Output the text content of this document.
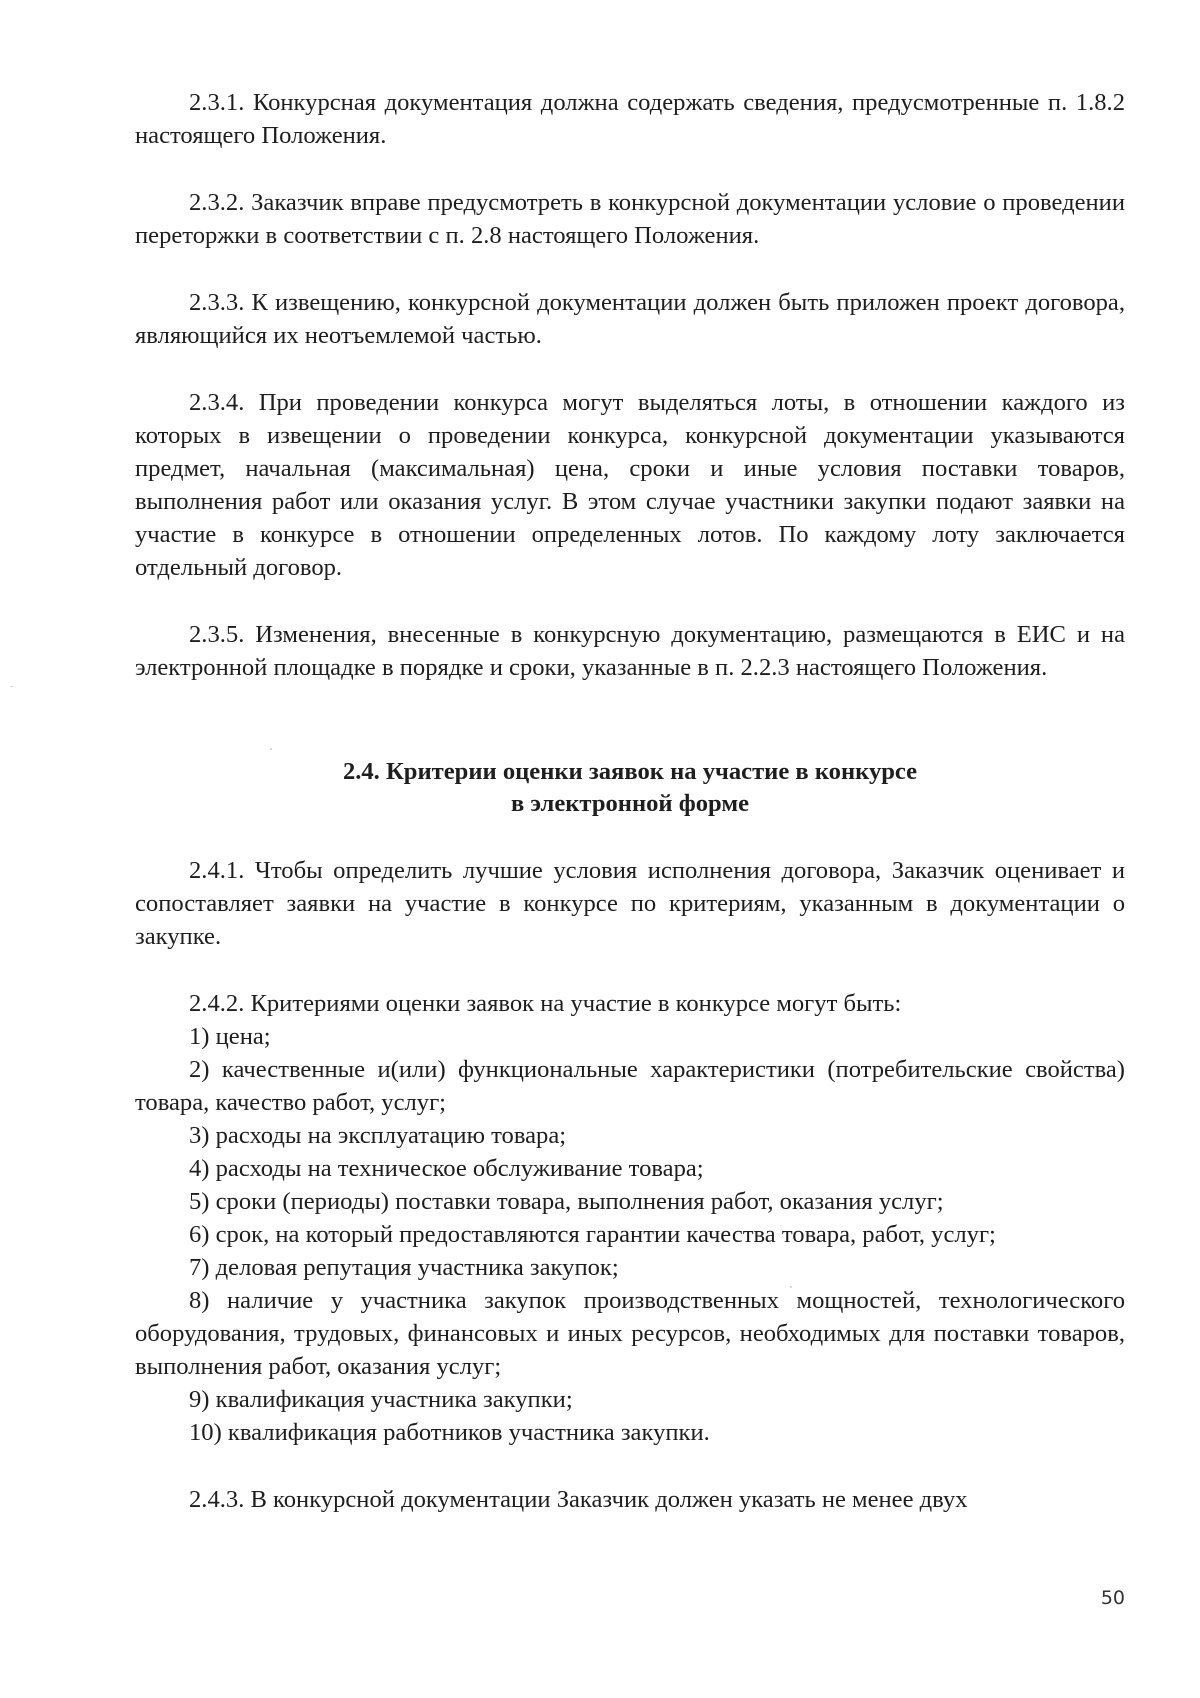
2.3.1. Конкурсная документация должна содержать сведения, предусмотренные п. 1.8.2 настоящего Положения.

2.3.2. Заказчик вправе предусмотреть в конкурсной документации условие о проведении переторжки в соответствии с п. 2.8 настоящего Положения.

2.3.3. К извещению, конкурсной документации должен быть приложен проект договора, являющийся их неотъемлемой частью.

2.3.4. При проведении конкурса могут выделяться лоты, в отношении каждого из которых в извещении о проведении конкурса, конкурсной документации указываются предмет, начальная (максимальная) цена, сроки и иные условия поставки товаров, выполнения работ или оказания услуг. В этом случае участники закупки подают заявки на участие в конкурсе в отношении определенных лотов. По каждому лоту заключается отдельный договор.

2.3.5. Изменения, внесенные в конкурсную документацию, размещаются в ЕИС и на электронной площадке в порядке и сроки, указанные в п. 2.2.3 настоящего Положения.

2.4. Критерии оценки заявок на участие в конкурсе
в электронной форме

2.4.1. Чтобы определить лучшие условия исполнения договора, Заказчик оценивает и сопоставляет заявки на участие в конкурсе по критериям, указанным в документации о закупке.

2.4.2. Критериями оценки заявок на участие в конкурсе могут быть:

1) цена;

2) качественные и(или) функциональные характеристики (потребительские свойства) товара, качество работ, услуг;

3) расходы на эксплуатацию товара;

4) расходы на техническое обслуживание товара;

5) сроки (периоды) поставки товара, выполнения работ, оказания услуг;

6) срок, на который предоставляются гарантии качества товара, работ, услуг;

7) деловая репутация участника закупок;

8) наличие у участника закупок производственных мощностей, технологического оборудования, трудовых, финансовых и иных ресурсов, необходимых для поставки товаров, выполнения работ, оказания услуг;

9) квалификация участника закупки;

10) квалификация работников участника закупки.

2.4.3. В конкурсной документации Заказчик должен указать не менее двух

50
